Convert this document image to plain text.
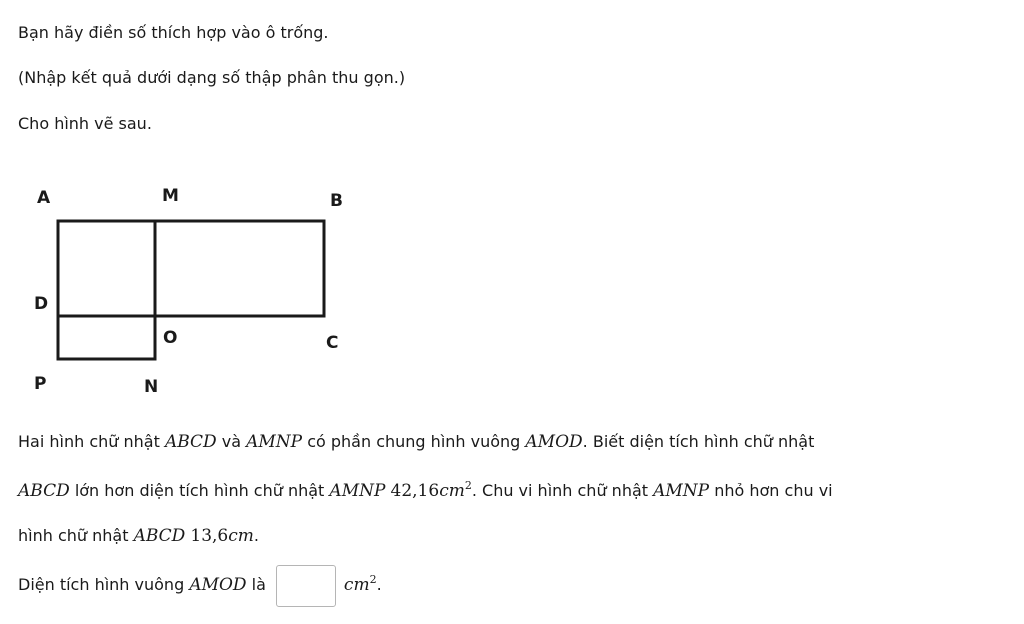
Bạn hãy điền số thích hợp vào ô trống.
(Nhập kết quả dưới dạng số thập phân thu gọn.)
Cho hình vẽ sau.
A	M	B
D
O	C
P	N
Hai hình chữ nhật ABCD và AMNP có phần chung hình vuông AMOD. Biết diện tích hình chữ nhật
ABCD lớn hơn diện tích hình chữ nhật AMNP $42,16cm^2$. Chu vi hình chữ nhật AMNP nhỏ hơn chu vi
hình chữ nhật ABCD 13,6cm.
Diện tích hình vuông AMOD là	$cm^2$.
